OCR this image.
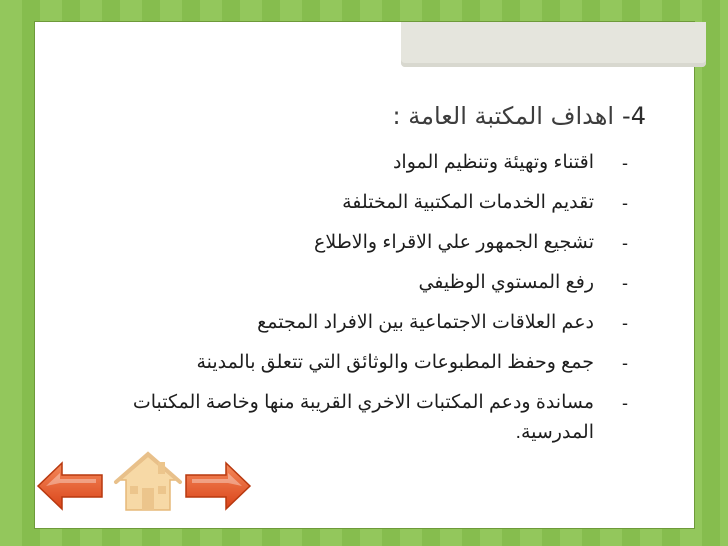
4-اهداف المكتبة العامة :
-
اقتناء وتهيئة وتنظيم المواد
-
تقديم الخدمات المكتبية المختلفة
-
تشجيع الجمهور علي الاقراء والاطلاع
-
رفع المستوي الوظيفي
-
دعم العلاقات الاجتماعية بين الافراد المجتمع
-
جمع وحفظ المطبوعات والوثائق التي تتعلق بالمدينة
-
مساندة ودعم المكتبات الاخري القريبة منها وخاصة المكتبات المدرسية.
